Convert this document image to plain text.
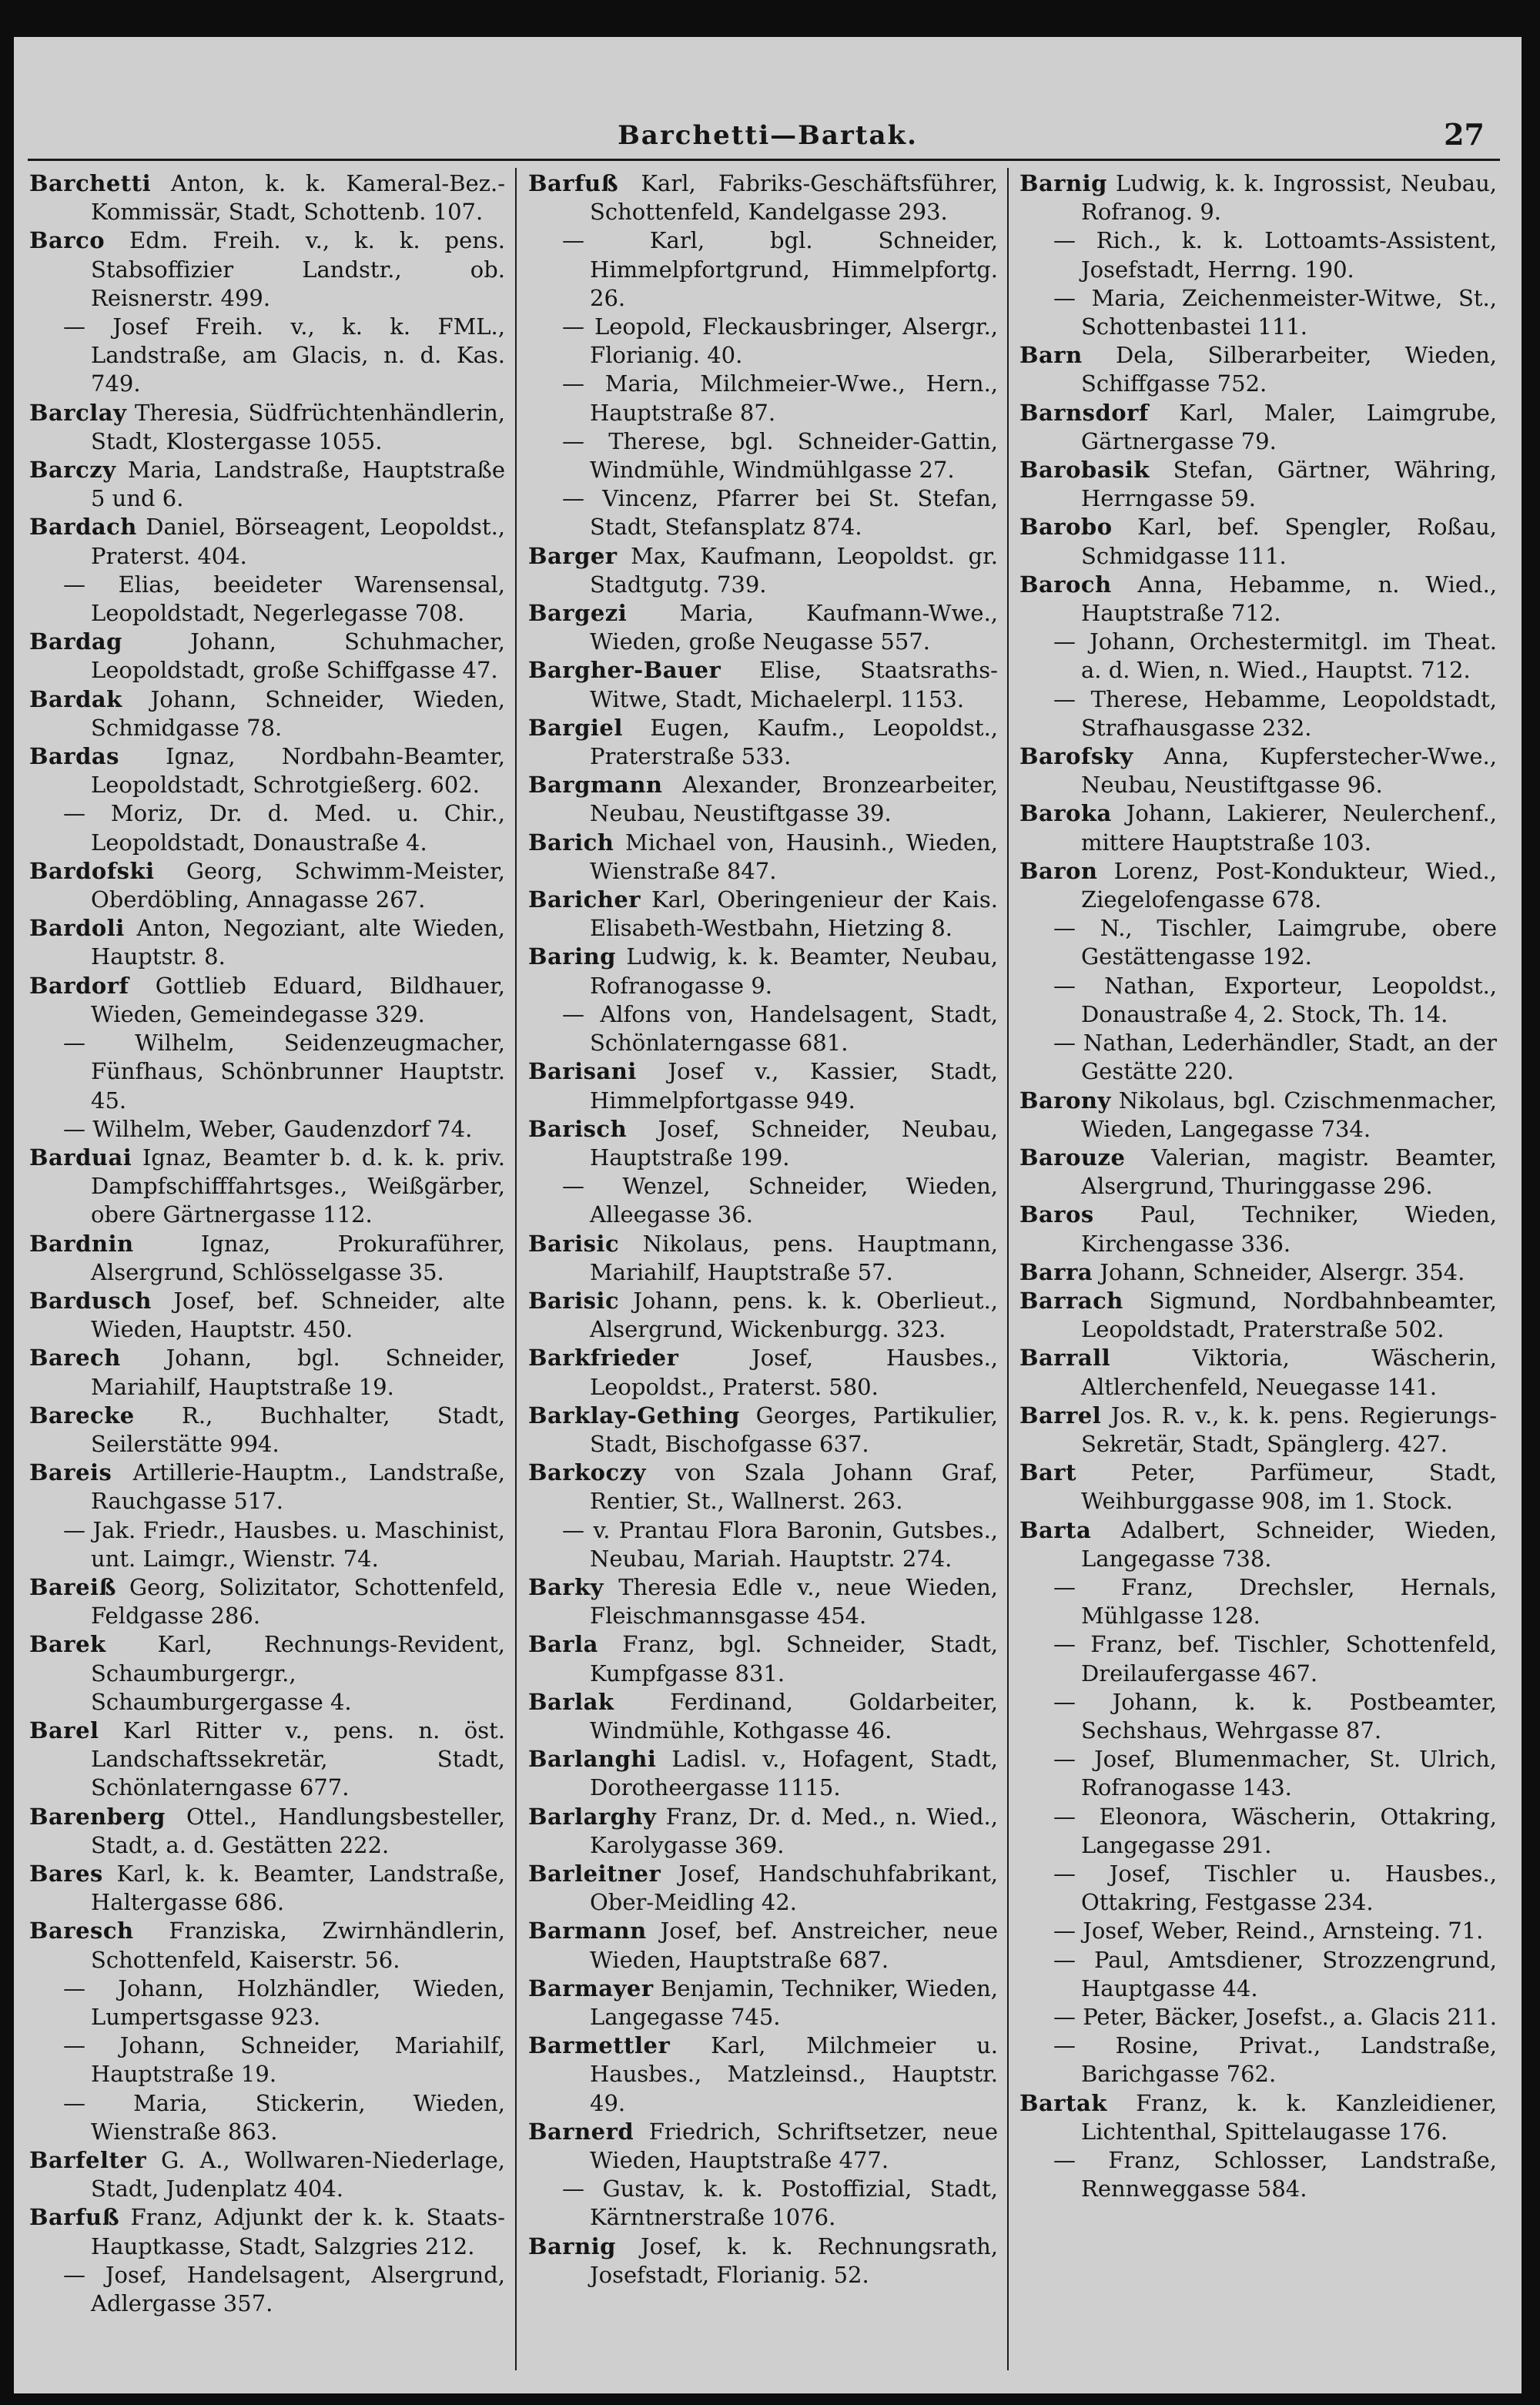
Barchetti—Bartak.	27

Barchetti Anton, k. k. Kameral-Bez.-Kommissär, Stadt, Schottenb. 107.

Barco Edm. Freih. v., k. k. pens. Stabsoffizier Landstr., ob. Reisnerstr. 499.

— Josef Freih. v., k. k. FML., Landstraße, am Glacis, n. d. Kas. 749.

Barclay Theresia, Südfrüchtenhändlerin, Stadt, Klostergasse 1055.

Barczy Maria, Landstraße, Hauptstraße 5 und 6.

Bardach Daniel, Börseagent, Leopoldst., Praterst. 404.

— Elias, beeideter Warensensal, Leopoldstadt, Negerlegasse 708.

Bardag	Johann, Schuhmacher, Leopoldstadt, große Schiffgasse 47.

Bardak Johann, Schneider, Wieden, Schmidgasse 78.

Bardas Ignaz, Nordbahn-Beamter, Leopoldstadt, Schrotgießerg. 602.

— Moriz, Dr. d. Med. u. Chir., Leopoldstadt, Donaustraße 4.

Bardofski Georg, Schwimm-Meister, Oberdöbling, Annagasse 267.

Bardoli Anton, Negoziant, alte Wieden, Hauptstr. 8.

Bardorf Gottlieb Eduard, Bildhauer, Wieden, Gemeindegasse 329.

— Wilhelm, Seidenzeugmacher, Fünfhaus, Schönbrunner Hauptstr. 45.

— Wilhelm, Weber, Gaudenzdorf 74.

Barduai Ignaz, Beamter b. d. k. k. priv. Dampfschifffahrtsges., Weißgärber, obere Gärtnergasse 112.

Bardnin	Ignaz, Prokuraführer, Alsergrund, Schlösselgasse 35.

Bardusch Josef, bef. Schneider, alte Wieden, Hauptstr. 450.

Barech Johann, bgl. Schneider, Mariahilf, Hauptstraße 19.

Barecke R., Buchhalter, Stadt, Seilerstätte 994.

Bareis Artillerie-Hauptm., Landstraße, Rauchgasse 517.

— Jak. Friedr., Hausbes. u. Maschinist, unt. Laimgr., Wienstr. 74.

Bareiß Georg, Solizitator, Schottenfeld, Feldgasse 286.

Barek Karl, Rechnungs-Revident, Schaumburgergr., Schaumburgergasse 4.

Barel Karl Ritter v., pens. n. öst. Landschaftssekretär, Stadt, Schönlaterngasse 677.

Barenberg Ottel., Handlungsbesteller, Stadt, a. d. Gestätten 222.

Bares Karl, k. k. Beamter, Landstraße, Haltergasse 686.

Baresch Franziska, Zwirnhändlerin, Schottenfeld, Kaiserstr. 56.

— Johann, Holzhändler, Wieden, Lumpertsgasse 923.

— Johann, Schneider, Mariahilf, Hauptstraße 19.

— Maria, Stickerin, Wieden, Wienstraße 863.

Barfelter G. A., Wollwaren-Niederlage, Stadt, Judenplatz 404.

Barfuß Franz, Adjunkt der k. k. Staats-Hauptkasse, Stadt, Salzgries 212.

— Josef, Handelsagent, Alsergrund, Adlergasse 357.

Barfuß Karl, Fabriks-Geschäftsführer, Schottenfeld, Kandelgasse 293.

— Karl, bgl. Schneider, Himmelpfortgrund, Himmelpfortg. 26.

— Leopold, Fleckausbringer, Alsergr., Florianig. 40.

— Maria, Milchmeier-Wwe., Hern., Hauptstraße 87.

— Therese, bgl. Schneider-Gattin, Windmühle, Windmühlgasse 27.

— Vincenz, Pfarrer bei St. Stefan, Stadt, Stefansplatz 874.

Barger Max, Kaufmann, Leopoldst. gr. Stadtgutg. 739.

Bargezi Maria, Kaufmann-Wwe., Wieden, große Neugasse 557.

Bargher-Bauer Elise, Staatsraths-Witwe, Stadt, Michaelerpl. 1153.

Bargiel Eugen, Kaufm., Leopoldst., Praterstraße 533.

Bargmann Alexander, Bronzearbeiter, Neubau, Neustiftgasse 39.

Barich Michael von, Hausinh., Wieden, Wienstraße 847.

Baricher Karl, Oberingenieur der Kais. Elisabeth-Westbahn, Hietzing 8.

Baring Ludwig, k. k. Beamter, Neubau, Rofranogasse 9.

— Alfons von, Handelsagent, Stadt, Schönlaterngasse 681.

Barisani Josef v., Kassier, Stadt, Himmelpfortgasse 949.

Barisch Josef, Schneider, Neubau, Hauptstraße 199.

— Wenzel, Schneider, Wieden, Alleegasse 36.

Barisic Nikolaus, pens. Hauptmann, Mariahilf, Hauptstraße 57.

Barisic Johann, pens. k. k. Oberlieut., Alsergrund, Wickenburgg. 323.

Barkfrieder	Josef, Hausbes., Leopoldst., Praterst. 580.

Barklay-Gething Georges, Partikulier, Stadt, Bischofgasse 637.

Barkoczy von Szala Johann Graf, Rentier, St., Wallnerst. 263.

— v. Prantau Flora Baronin, Gutsbes., Neubau, Mariah. Hauptstr. 274.

Barky Theresia Edle v., neue Wieden, Fleischmannsgasse 454.

Barla Franz, bgl. Schneider, Stadt, Kumpfgasse 831.

Barlak	Ferdinand, Goldarbeiter, Windmühle, Kothgasse 46.

Barlanghi Ladisl. v., Hofagent, Stadt, Dorotheergasse 1115.

Barlarghy Franz, Dr. d. Med., n. Wied., Karolygasse 369.

Barleitner Josef, Handschuhfabrikant, Ober-Meidling 42.

Barmann Josef, bef. Anstreicher, neue Wieden, Hauptstraße 687.

Barmayer Benjamin, Techniker, Wieden, Langegasse 745.

Barmettler Karl, Milchmeier u. Hausbes., Matzleinsd., Hauptstr. 49.

Barnerd Friedrich, Schriftsetzer, neue Wieden, Hauptstraße 477.

— Gustav, k. k. Postoffizial, Stadt, Kärntnerstraße 1076.

Barnig Josef, k. k. Rechnungsrath, Josefstadt, Florianig. 52.

Barnig Ludwig, k. k. Ingrossist, Neubau, Rofranog. 9.

— Rich., k. k. Lottoamts-Assistent, Josefstadt, Herrng. 190.

— Maria, Zeichenmeister-Witwe, St., Schottenbastei 111.

Barn Dela, Silberarbeiter, Wieden, Schiffgasse 752.

Barnsdorf Karl, Maler, Laimgrube, Gärtnergasse 79.

Barobasik Stefan, Gärtner, Währing, Herrngasse 59.

Barobo Karl, bef. Spengler, Roßau, Schmidgasse 111.

Baroch Anna, Hebamme, n. Wied., Hauptstraße 712.

— Johann, Orchestermitgl. im Theat. a. d. Wien, n. Wied., Hauptst. 712.

— Therese, Hebamme, Leopoldstadt, Strafhausgasse 232.

Barofsky Anna, Kupferstecher-Wwe., Neubau, Neustiftgasse 96.

Baroka Johann, Lakierer, Neulerchenf., mittere Hauptstraße 103.

Baron Lorenz, Post-Kondukteur, Wied., Ziegelofengasse 678.

— N., Tischler, Laimgrube, obere Gestättengasse 192.

— Nathan, Exporteur, Leopoldst., Donaustraße 4, 2. Stock, Th. 14.

— Nathan, Lederhändler, Stadt, an der Gestätte 220.

Barony Nikolaus, bgl. Czischmenmacher, Wieden, Langegasse 734.

Barouze Valerian, magistr. Beamter, Alsergrund, Thuringgasse 296.

Baros Paul, Techniker, Wieden, Kirchengasse 336.

Barra Johann, Schneider, Alsergr. 354.

Barrach Sigmund, Nordbahnbeamter, Leopoldstadt, Praterstraße 502.

Barrall	Viktoria, Wäscherin, Altlerchenfeld, Neuegasse 141.

Barrel Jos. R. v., k. k. pens. Regierungs-Sekretär, Stadt, Spänglerg. 427.

Bart Peter, Parfümeur, Stadt, Weihburggasse 908, im 1. Stock.

Barta Adalbert, Schneider, Wieden, Langegasse 738.

— Franz, Drechsler, Hernals, Mühlgasse 128.

— Franz, bef. Tischler, Schottenfeld, Dreilaufergasse 467.

— Johann, k. k. Postbeamter, Sechshaus, Wehrgasse 87.

— Josef, Blumenmacher, St. Ulrich, Rofranogasse 143.

— Eleonora, Wäscherin, Ottakring, Langegasse 291.

— Josef, Tischler u. Hausbes., Ottakring, Festgasse 234.

— Josef, Weber, Reind., Arnsteing. 71.

— Paul, Amtsdiener, Strozzengrund, Hauptgasse 44.

— Peter, Bäcker, Josefst., a. Glacis 211.

— Rosine, Privat., Landstraße, Barichgasse 762.

Bartak Franz, k. k. Kanzleidiener, Lichtenthal, Spittelaugasse 176.

— Franz, Schlosser, Landstraße, Rennweggasse 584.
